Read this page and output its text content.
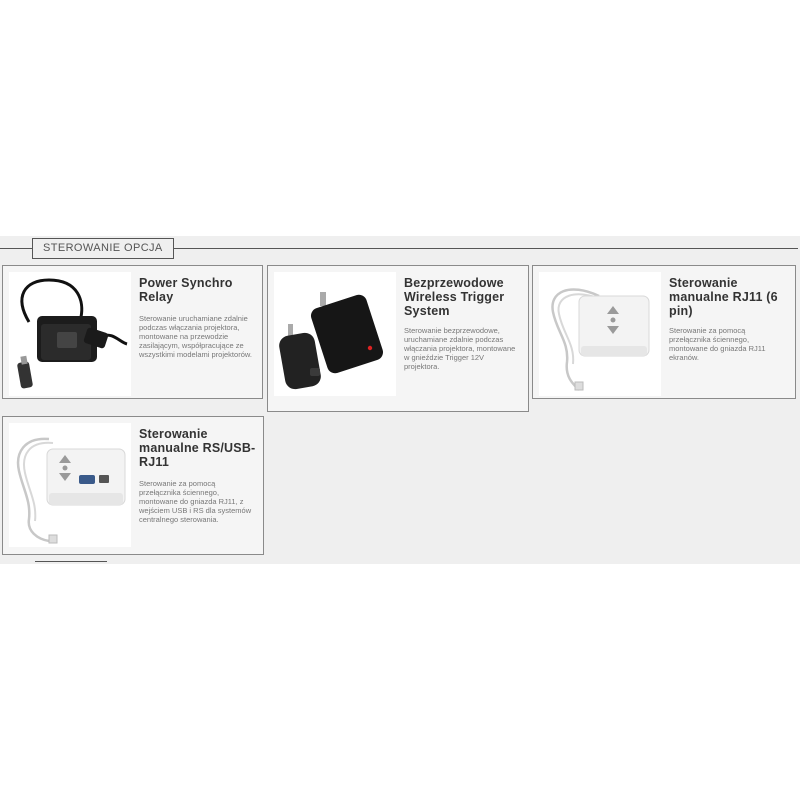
STEROWANIE OPCJA
Power Synchro Relay
Sterowanie uruchamiane zdalnie podczas włączania projektora, montowane na przewodzie zasilającym, współpracujące ze wszystkimi modelami projektorów.
Bezprzewodowe Wireless Trigger System
Sterowanie bezprzewodowe, uruchamiane zdalnie podczas włączania projektora, montowane w gnieździe Trigger 12V projektora.
Sterowanie manualne RJ11 (6 pin)
Sterowanie za pomocą przełącznika ściennego, montowane do gniazda RJ11 ekranów.
Sterowanie manualne RS/USB-RJ11
Sterowanie za pomocą przełącznika ściennego, montowane do gniazda RJ11, z wejściem USB i RS dla systemów centralnego sterowania.
